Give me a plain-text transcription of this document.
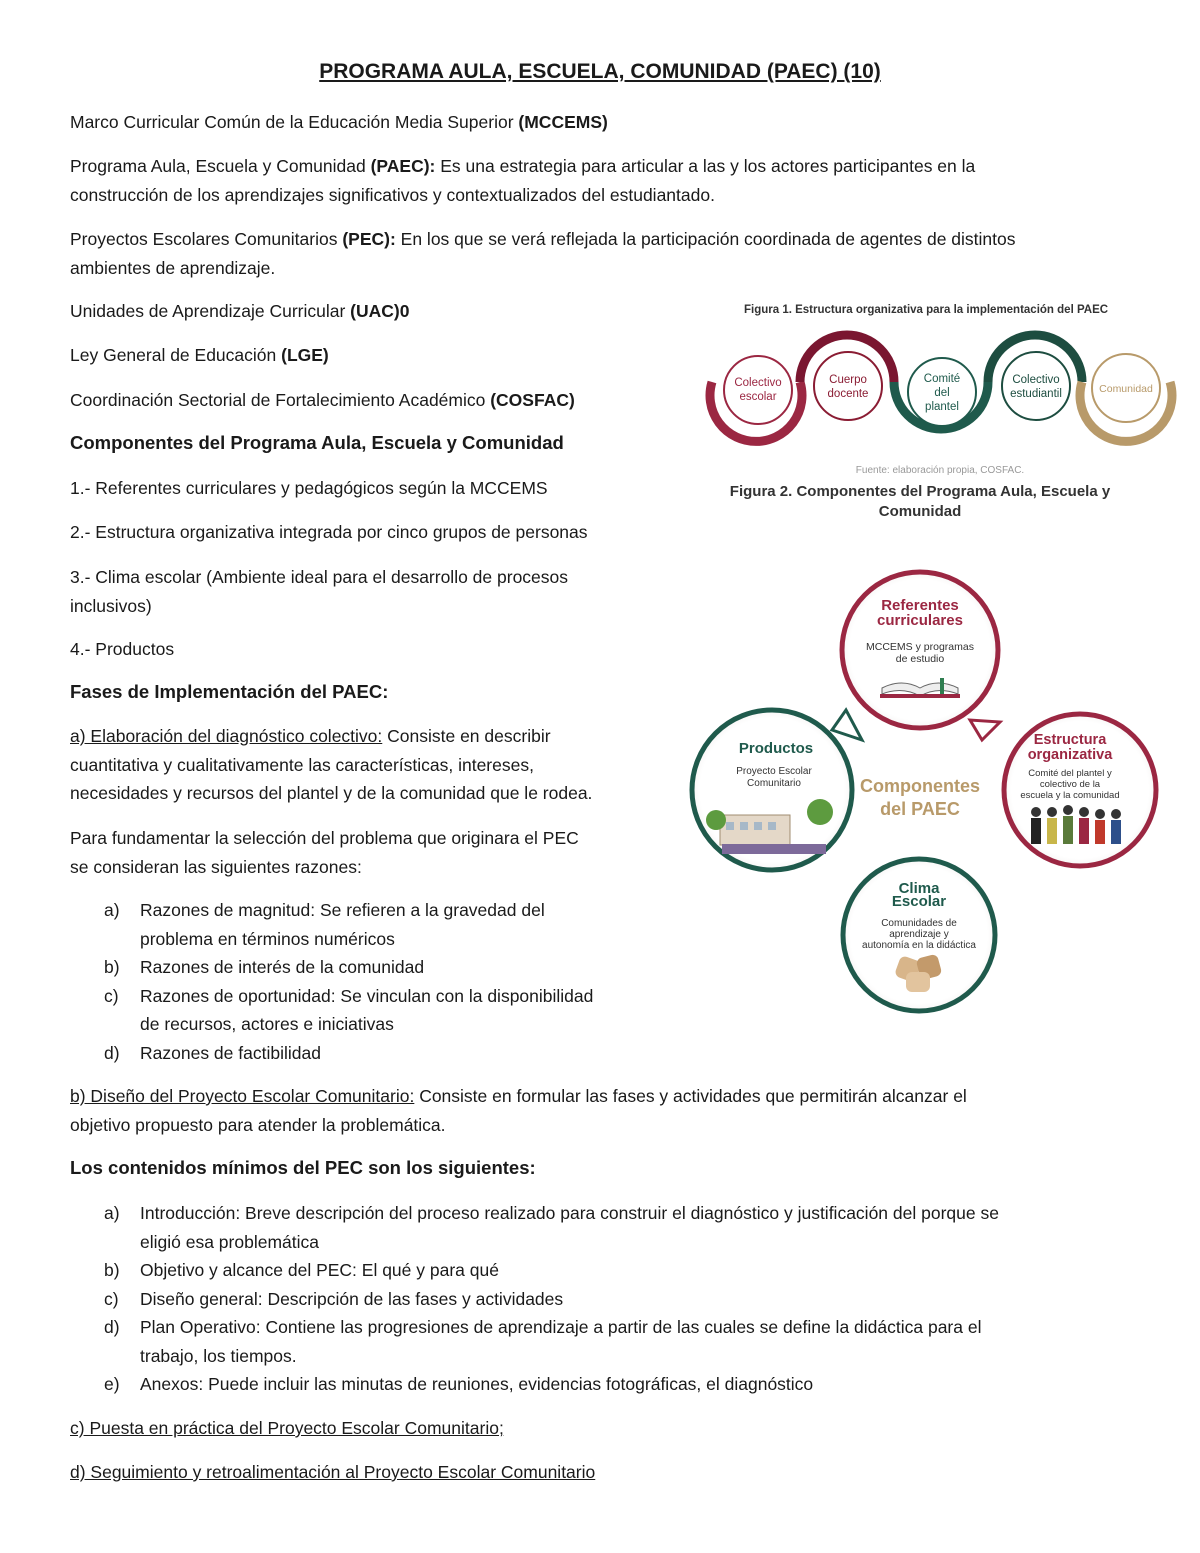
PROGRAMA AULA, ESCUELA, COMUNIDAD (PAEC) (10)
Marco Curricular Común de la Educación Media Superior (MCCEMS)
Programa Aula, Escuela y Comunidad (PAEC): Es una estrategia para articular a las y los actores participantes en la
construcción de los aprendizajes significativos y contextualizados del estudiantado.
Proyectos Escolares Comunitarios (PEC): En los que se verá reflejada la participación coordinada de agentes de distintos
ambientes de aprendizaje.
Unidades de Aprendizaje Curricular (UAC)0
Ley General de Educación (LGE)
Coordinación Sectorial de Fortalecimiento Académico (COSFAC)
Componentes del Programa Aula, Escuela y Comunidad
1.- Referentes curriculares y pedagógicos según la MCCEMS
2.- Estructura organizativa integrada por cinco grupos de personas
3.- Clima escolar (Ambiente ideal para el desarrollo de procesos
inclusivos)
4.- Productos
Fases de Implementación del PAEC:
a) Elaboración del diagnóstico colectivo: Consiste en describir
cuantitativa y cualitativamente las características, intereses,
necesidades y recursos del plantel y de la comunidad que le rodea.
Para fundamentar la selección del problema que originara el PEC
se consideran las siguientes razones:
a) Razones de magnitud: Se refieren a la gravedad del
problema en términos numéricos
b) Razones de interés de la comunidad
c) Razones de oportunidad: Se vinculan con la disponibilidad
de recursos, actores e iniciativas
d) Razones de factibilidad
b) Diseño del Proyecto Escolar Comunitario: Consiste en formular las fases y actividades que permitirán alcanzar el
objetivo propuesto para atender la problemática.
Los contenidos mínimos del PEC son los siguientes:
a) Introducción: Breve descripción del proceso realizado para construir el diagnóstico y justificación del porque se
eligió esa problemática
b) Objetivo y alcance del PEC: El qué y para qué
c) Diseño general: Descripción de las fases y actividades
d) Plan Operativo: Contiene las progresiones de aprendizaje a partir de las cuales se define la didáctica para el
trabajo, los tiempos.
e) Anexos: Puede incluir las minutas de reuniones, evidencias fotográficas, el diagnóstico
c) Puesta en práctica del Proyecto Escolar Comunitario;
d) Seguimiento y retroalimentación al Proyecto Escolar Comunitario
Figura 1. Estructura organizativa para la implementación del PAEC
Colectivo
escolar
Cuerpo
docente
Comité
del
plantel
Colectivo
estudiantil	Comunidad
Fuente: elaboración propia, COSFAC.
Figura 2. Componentes del Programa Aula, Escuela y
Comunidad
Referentes
curriculares
MCCEMS y programas
de estudio
Estructura
organizativa
Comité del plantel y
colectivo de la
escuela y la comunidad
Productos
Proyecto Escolar
Comunitario	Componentes
del PAEC
Clima
Escolar
Comunidades de
aprendizaje y
autonomía en la didáctica
